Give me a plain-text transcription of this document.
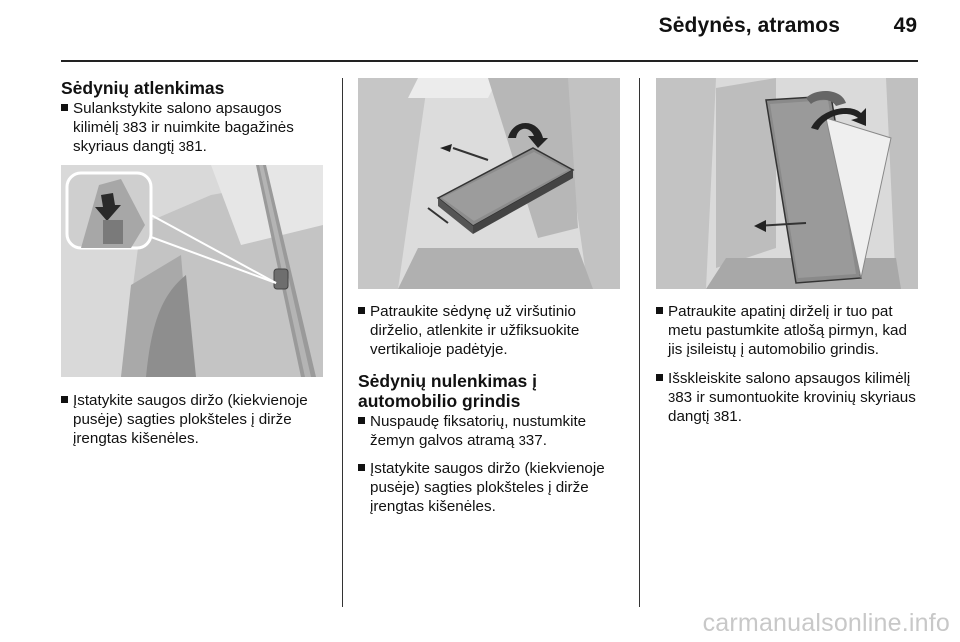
Sėdynės, atramos	49
Sėdynių atlenkimas
Sulankstykite salono apsaugos kilimėlį 383 ir nuimkite bagažinės skyriaus dangtį 381.
Įstatykite saugos diržo (kiekvienoje pusėje) sagties plokšteles į dirže įrengtas kišenėles.
Patraukite sėdynę už viršutinio dirželio, atlenkite ir užfiksuokite vertikalioje padėtyje.
Sėdynių nulenkimas į automobilio grindis
Nuspaudę fiksatorių, nustumkite žemyn galvos atramą 337.
Įstatykite saugos diržo (kiekvienoje pusėje) sagties plokšteles į dirže įrengtas kišenėles.
Patraukite apatinį dirželį ir tuo pat metu pastumkite atlošą pirmyn, kad jis įsileistų į automobilio grindis.
Išskleiskite salono apsaugos kilimėlį 383 ir sumontuokite krovinių skyriaus dangtį 381.
carmanualsonline.info
